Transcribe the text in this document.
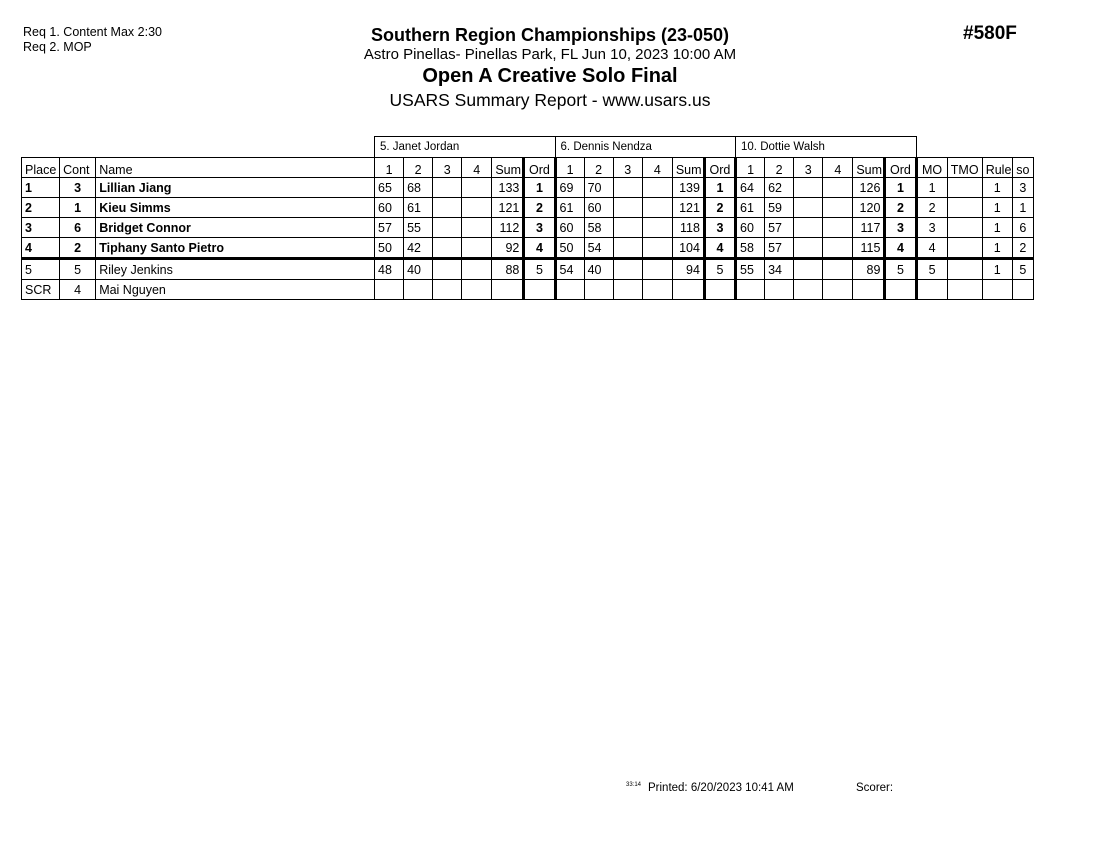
Req 1. Content Max 2:30
Req 2. MOP
Southern Region Championships (23-050)
Astro Pinellas- Pinellas Park, FL Jun 10, 2023 10:00 AM
Open A Creative Solo Final
USARS Summary Report - www.usars.us
#580F
			5. Janet Jordan						6. Dennis Nendza						10. Dottie Walsh									
Place	Cont	Name	1	2	3	4	Sum	Ord	1	2	3	4	Sum	Ord	1	2	3	4	Sum	Ord	MO	TMO	Rule	so
1	3	Lillian Jiang	65	68			133	1	69	70			139	1	64	62			126	1	1		1	3
2	1	Kieu Simms	60	61			121	2	61	60			121	2	61	59			120	2	2		1	1
3	6	Bridget Connor	57	55			112	3	60	58			118	3	60	57			117	3	3		1	6
4	2	Tiphany Santo Pietro	50	42			92	4	50	54			104	4	58	57			115	4	4		1	2
5	5	Riley Jenkins	48	40			88	5	54	40			94	5	55	34			89	5	5		1	5
SCR	4	Mai Nguyen																						
33:14 Printed: 6/20/2023 10:41 AM	Scorer:
